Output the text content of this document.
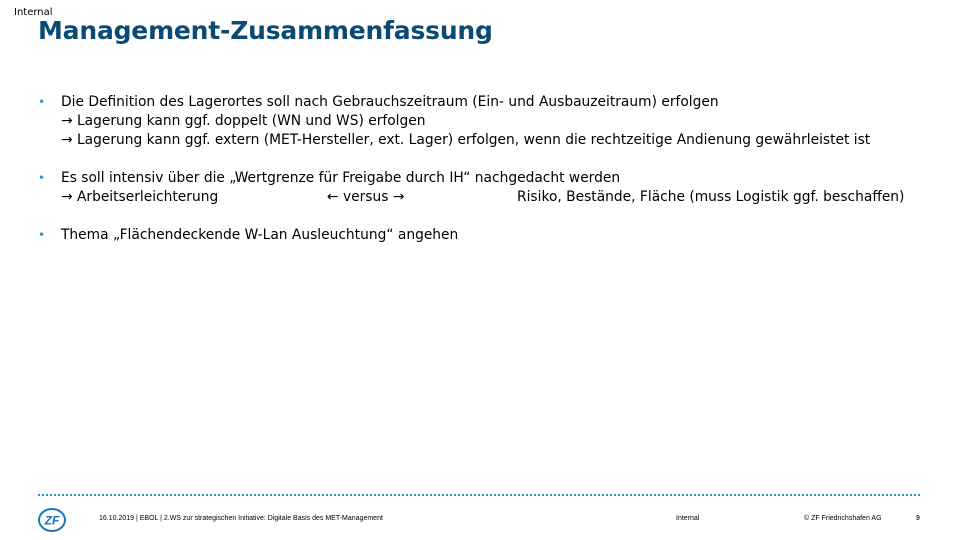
Internal
Management-Zusammenfassung
• Die Definition des Lagerortes soll nach Gebrauchszeitraum (Ein- und Ausbauzeitraum) erfolgen
→ Lagerung kann ggf. doppelt (WN und WS) erfolgen
→ Lagerung kann ggf. extern (MET-Hersteller, ext. Lager) erfolgen, wenn die rechtzeitige Andienung gewährleistet ist
• Es soll intensiv über die „Wertgrenze für Freigabe durch IH“ nachgedacht werden
→ Arbeitserleichterung	← versus →	Risiko, Bestände, Fläche (muss Logistik ggf. beschaffen)
• Thema „Flächendeckende W-Lan Ausleuchtung“ angehen
ZF	16.10.2019 | EBOL | 2.WS zur strategischen Initiative: Digitale Basis des MET-Management	Internal	© ZF Friedrichshafen AG	9
